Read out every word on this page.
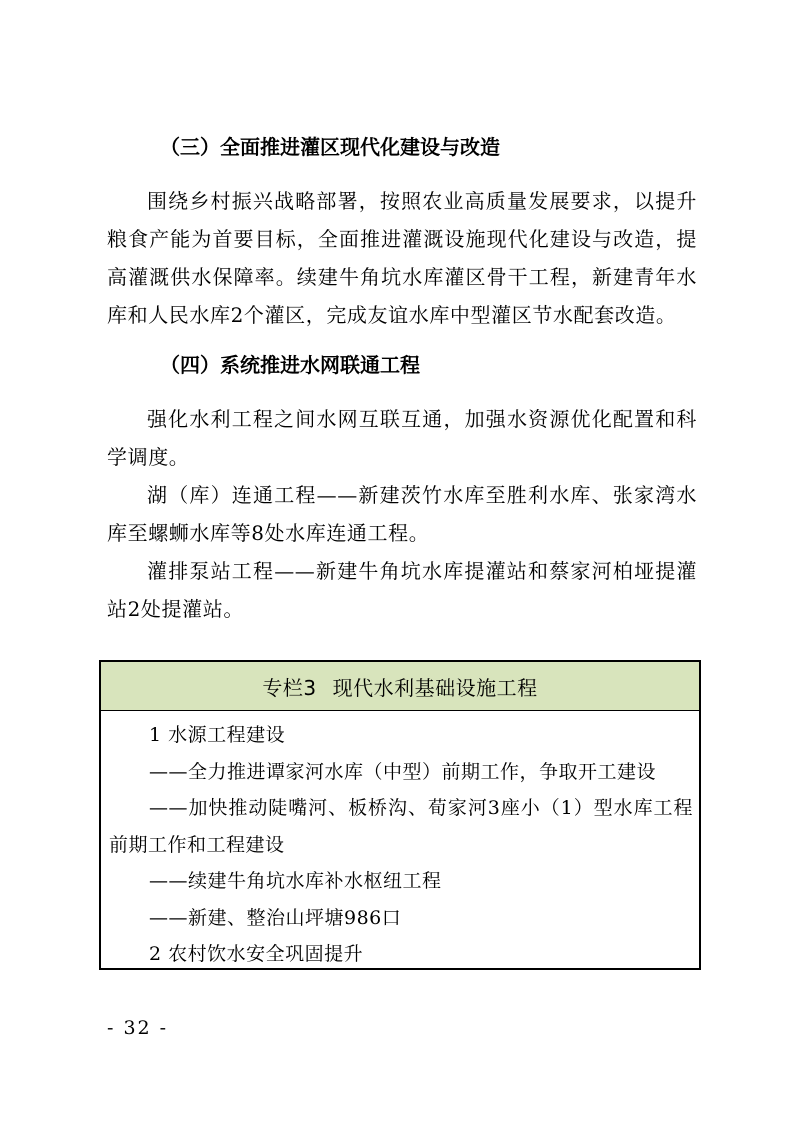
（三）全面推进灌区现代化建设与改造

围绕乡村振兴战略部署，按照农业高质量发展要求，以提升粮食产能为首要目标，全面推进灌溉设施现代化建设与改造，提高灌溉供水保障率。续建牛角坑水库灌区骨干工程，新建青年水库和人民水库2个灌区，完成友谊水库中型灌区节水配套改造。

（四）系统推进水网联通工程

强化水利工程之间水网互联互通，加强水资源优化配置和科学调度。

湖（库）连通工程——新建茨竹水库至胜利水库、张家湾水库至螺蛳水库等8处水库连通工程。

灌排泵站工程——新建牛角坑水库提灌站和蔡家河柏垭提灌站2处提灌站。

专栏3 现代水利基础设施工程

1 水源工程建设

——全力推进谭家河水库（中型）前期工作，争取开工建设

——加快推动陡嘴河、板桥沟、荀家河3座小（1）型水库工程前期工作和工程建设

——续建牛角坑水库补水枢纽工程

——新建、整治山坪塘986口

2 农村饮水安全巩固提升

- 32 -
